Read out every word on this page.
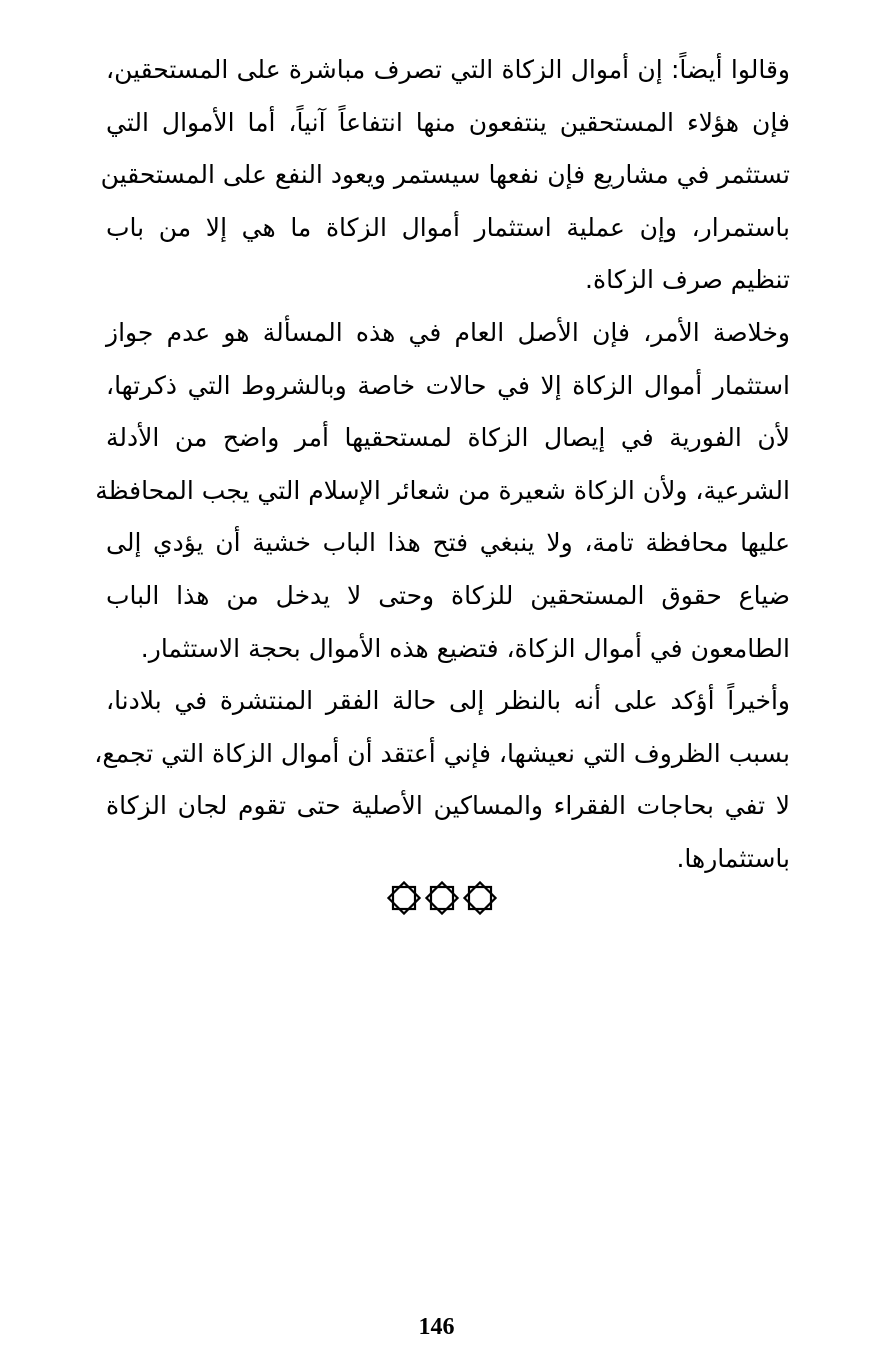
وقالوا أيضاً: إن أموال الزكاة التي تصرف مباشرة على المستحقين،
فإن هؤلاء المستحقين ينتفعون منها انتفاعاً آنياً، أما الأموال التي
تستثمر في مشاريع فإن نفعها سيستمر ويعود النفع على المستحقين
باستمرار، وإن عملية استثمار أموال الزكاة ما هي إلا من باب
تنظيم صرف الزكاة.
وخلاصة الأمر، فإن الأصل العام في هذه المسألة هو عدم جواز
استثمار أموال الزكاة إلا في حالات خاصة وبالشروط التي ذكرتها،
لأن الفورية في إيصال الزكاة لمستحقيها أمر واضح من الأدلة
الشرعية، ولأن الزكاة شعيرة من شعائر الإسلام التي يجب المحافظة
عليها محافظة تامة، ولا ينبغي فتح هذا الباب خشية أن يؤدي إلى
ضياع حقوق المستحقين للزكاة وحتى لا يدخل من هذا الباب
الطامعون في أموال الزكاة، فتضيع هذه الأموال بحجة الاستثمار.
وأخيراً أؤكد على أنه بالنظر إلى حالة الفقر المنتشرة في بلادنا،
بسبب الظروف التي نعيشها، فإني أعتقد أن أموال الزكاة التي تجمع،
لا تفي بحاجات الفقراء والمساكين الأصلية حتى تقوم لجان الزكاة
باستثمارها.
146
